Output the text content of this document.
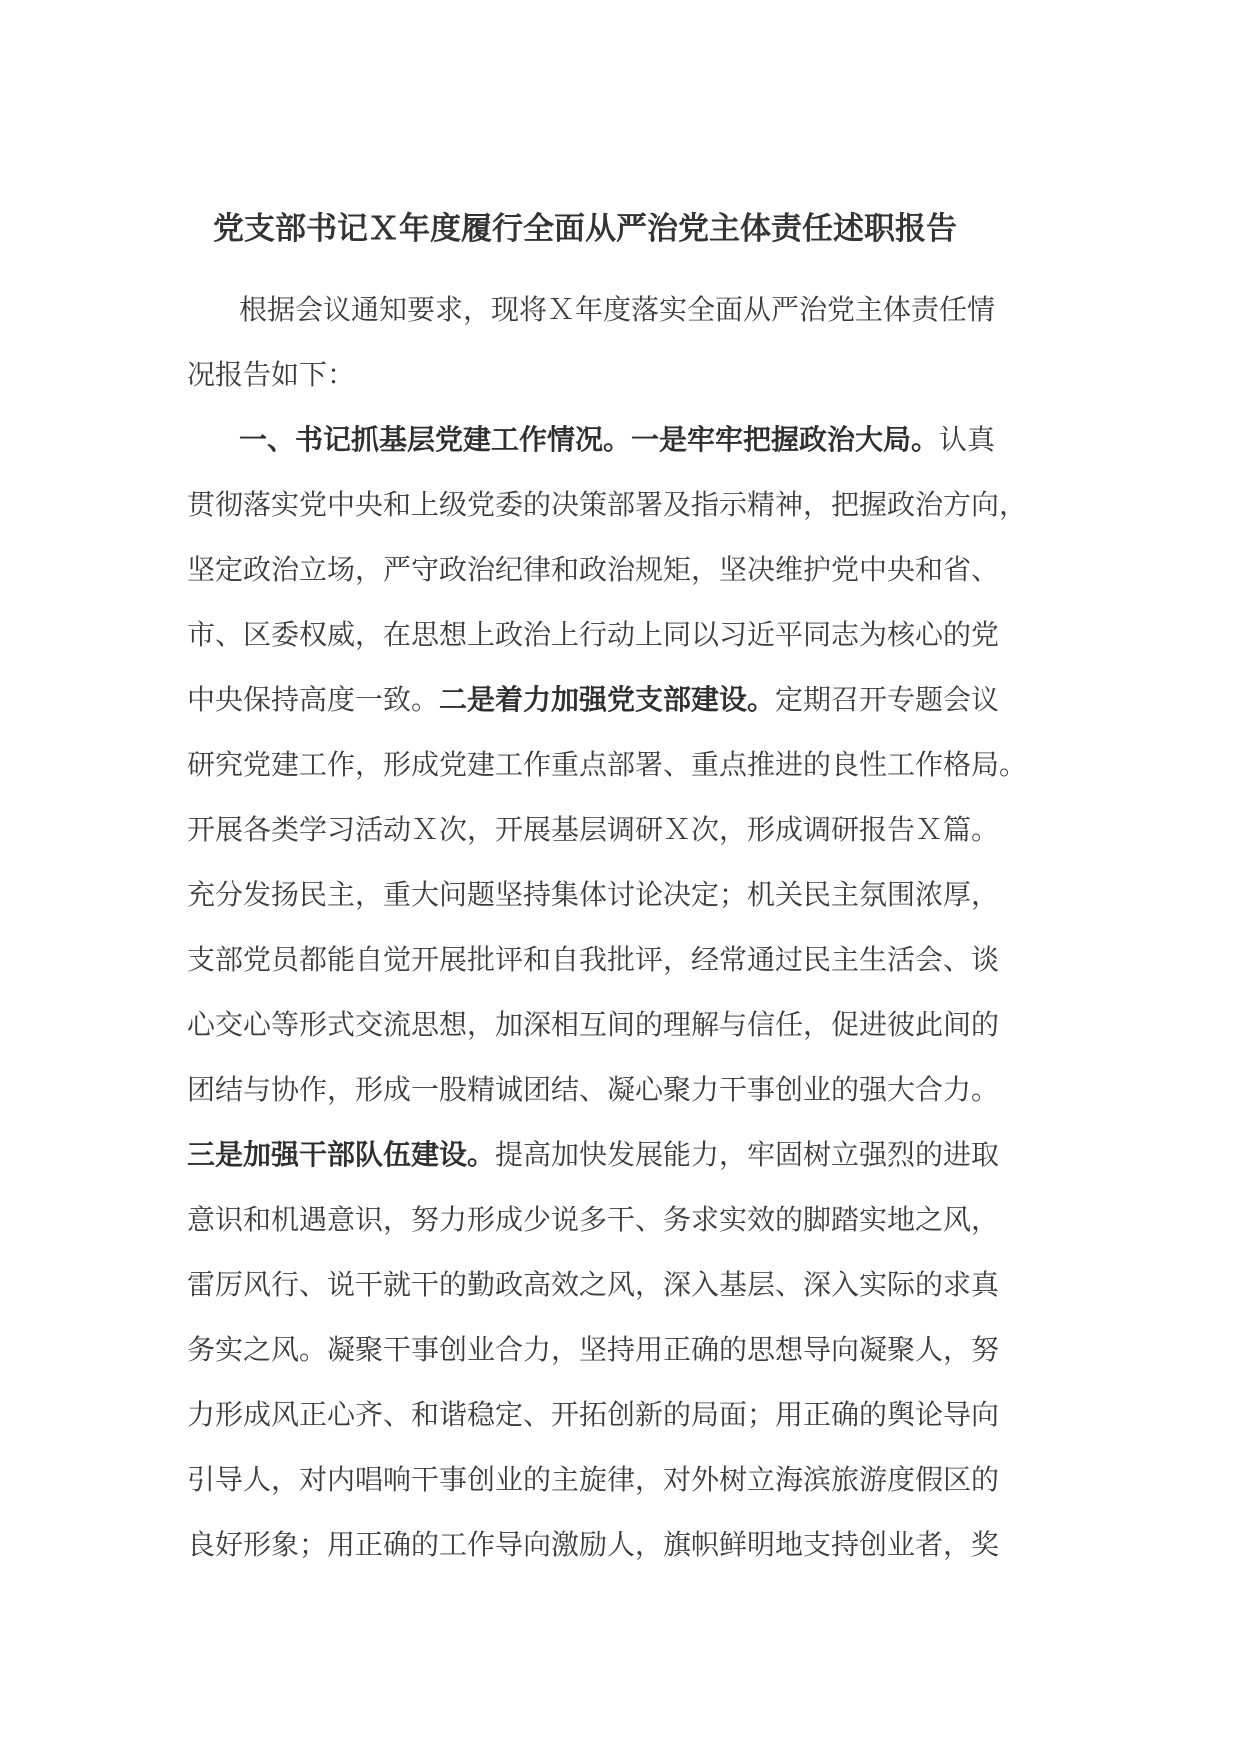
党支部书记Ｘ年度履行全面从严治党主体责任述职报告
根据会议通知要求，现将Ｘ年度落实全面从严治党主体责任情
况报告如下：
一、书记抓基层党建工作情况。一是牢牢把握政治大局。认真
贯彻落实党中央和上级党委的决策部署及指示精神，把握政治方向，
坚定政治立场，严守政治纪律和政治规矩，坚决维护党中央和省、
市、区委权威，在思想上政治上行动上同以习近平同志为核心的党
中央保持高度一致。二是着力加强党支部建设。定期召开专题会议
研究党建工作，形成党建工作重点部署、重点推进的良性工作格局。
开展各类学习活动Ｘ次，开展基层调研Ｘ次，形成调研报告Ｘ篇。
充分发扬民主，重大问题坚持集体讨论决定；机关民主氛围浓厚，
支部党员都能自觉开展批评和自我批评，经常通过民主生活会、谈
心交心等形式交流思想，加深相互间的理解与信任，促进彼此间的
团结与协作，形成一股精诚团结、凝心聚力干事创业的强大合力。
三是加强干部队伍建设。提高加快发展能力，牢固树立强烈的进取
意识和机遇意识，努力形成少说多干、务求实效的脚踏实地之风，
雷厉风行、说干就干的勤政高效之风，深入基层、深入实际的求真
务实之风。凝聚干事创业合力，坚持用正确的思想导向凝聚人，努
力形成风正心齐、和谐稳定、开拓创新的局面；用正确的舆论导向
引导人，对内唱响干事创业的主旋律，对外树立海滨旅游度假区的
良好形象；用正确的工作导向激励人，旗帜鲜明地支持创业者，奖
